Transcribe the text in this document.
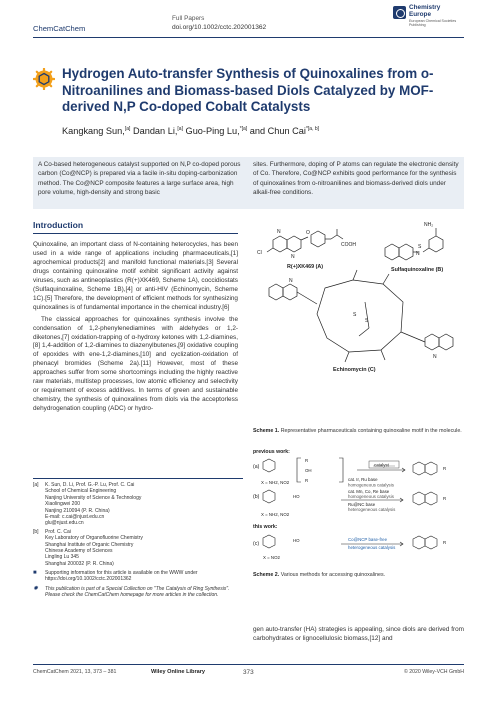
ChemCatChem
Full Papers
doi.org/10.1002/cctc.202001362
Chemistry
Europe
European Chemical Societies Publishing
Hydrogen Auto-transfer Synthesis of Quinoxalines from o-Nitroanilines and Biomass-based Diols Catalyzed by MOF-derived N,P Co-doped Cobalt Catalysts
Kangkang Sun,[a] Dandan Li,[a] Guo-Ping Lu,$^{*[a]}$ and Chun Cai$^{*[a, b]}$

A Co-based heterogeneous catalyst supported on N,P co-doped porous carbon (Co@NCP) is prepared via a facile in-situ doping-carbonization method. The Co@NCP composite features a large surface area, high pore volume, high-density and strong basic

sites. Furthermore, doping of P atoms can regulate the electronic density of Co. Therefore, Co@NCP exhibits good performance for the synthesis of quinoxalines from o-nitroanilines and biomass-derived diols under alkali-free conditions.

Introduction

Quinoxaline, an important class of N-containing heterocycles, has been used in a wide range of applications including pharmaceuticals,[1] agrochemical products[2] and manifold functional materials.[3] Several drugs containing quinoxaline motif exhibit significant activity against viruses, such as antineoplastics (R(+)XK469, Scheme 1A), coccidiostats (Sulfaquinoxaline, Scheme 1B),[4] or anti-HIV (Echinomycin, Scheme 1C).[5] Therefore, the development of efficient methods for synthesizing quinoxalines is of fundamental importance in the chemical industry.[6]

The classical approaches for quinoxalines synthesis involve the condensation of 1,2-phenylenediamines with aldehydes or 1,2-diketones,[7] oxidation-trapping of α-hydroxy ketones with 1,2-diamines,[8] 1,4-addition of 1,2-diamines to diazenylbutenes,[9] oxidative coupling of epoxides with ene-1,2-diamines,[10] and cyclization-oxidation of phenacyl bromides (Scheme 2a).[11] However, most of these approaches suffer from some shortcomings including the highly reactive raw materials, multistep processes, low atomic efficiency and selectivity or requirement of excess additives. In terms of green and sustainable chemistry, the synthesis of quinoxalines from diols via the acceptorless dehydrogenation coupling (ADC) or hydro-

[a]	K. Sun, D. Li, Prof. G.-P. Lu, Prof. C. Cai
School of Chemical Engineering
Nanjing University of Science & Technology
Xiaolingwei 200
Nanjing 210094 (P. R. China)
E-mail: c.cai@njust.edu.cn
glu@njust.edu.cn
[b]	Prof. C. Cai
Key Laboratory of Organofluorine Chemistry
Shanghai Institute of Organic Chemistry
Chinese Academy of Sciences
Lingling Lu 345
Shanghai 200032 (P. R. China)
■	Supporting information for this article is available on the WWW under https://doi.org/10.1002/cctc.202001362
✹	This publication is part of a Special Collection on "The Catalysis of Ring Synthesis". Please check the ChemCatChem homepage for more articles in the collection.
Cl
O
COOH
N
N
NH₂
N
S
S
S
N
N
R(+)XK469 (A)	Sulfaquinoxaline (B)
Echinomycin (C)
Scheme 1. Representative pharmaceuticals containing quinoxaline motif in the molecule.
previous work:
this work:
(a)
(b)
(c)
X = NH2, NO2
X = NH2, NO2
X = NO2
R
OH
R
HO
HO
R
R
R
catalyst
cat. Ir, Ru base
homogeneous catalysis
cat. Mn, Co, Re base
homogeneous catalysis
Ru@NC base
heterogeneous catalysis
Co@NCP base-free
heterogeneous catalysis
Scheme 2. Various methods for accessing quinoxalines.

gen auto-transfer (HA) strategies is appealing, since diols are derived from carbohydrates or lignocellulosic biomass,[12] and

ChemCatChem 2021, 13, 373 – 381	Wiley Online Library	373	© 2020 Wiley-VCH GmbH
